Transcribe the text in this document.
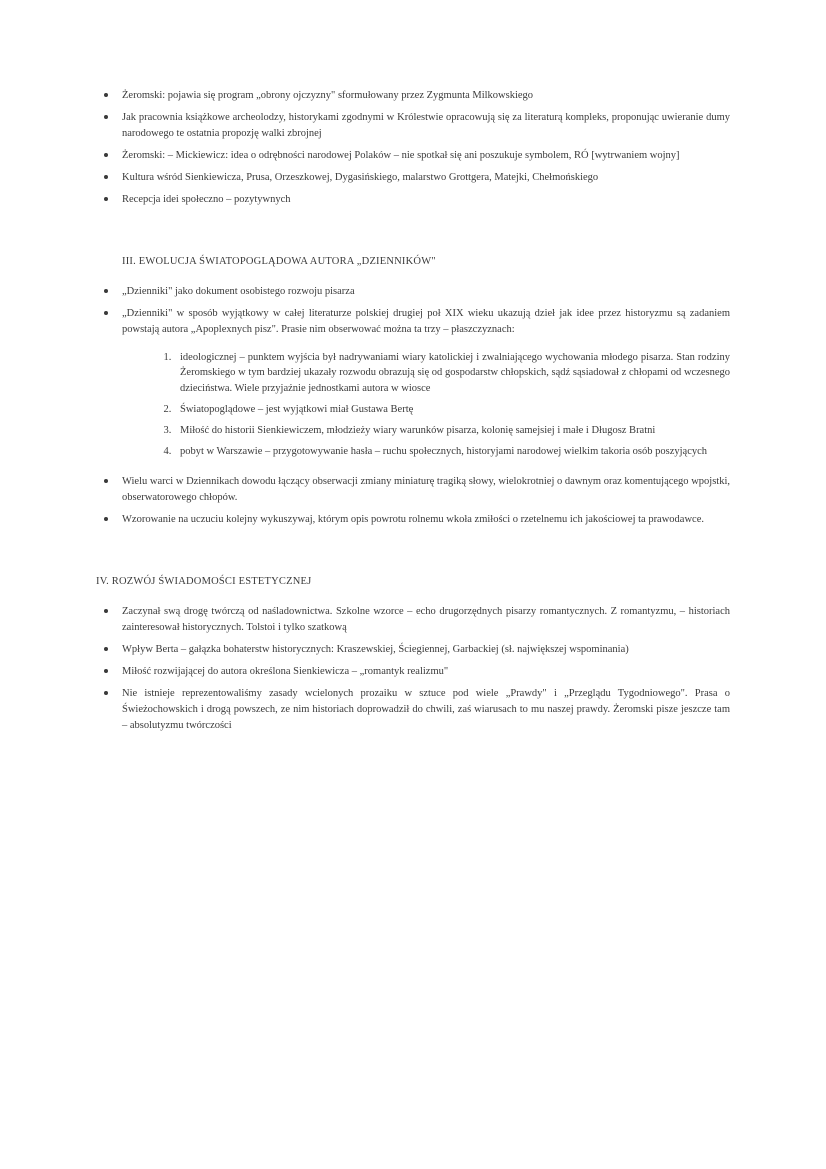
Żeromski: pojawia się program „obrony ojczyzny" sformułowany przez Zygmunta Milkowskiego
Jak pracownia książkowe archeolodzy, historykami zgodnymi w Królestwie opracowują się za literaturą kompleks, proponując uwieranie dumy narodowego te ostatnia propozję walki zbrojnej
Żeromski: – Mickiewicz: idea o odrębności narodowej Polaków – nie spotkał się ani poszukuje symbolem, RÓ [wytrwaniem wojny]
Kultura wśród Sienkiewicza, Prusa, Orzeszkowej, Dygasińskiego, malarstwo Grottgera, Matejki, Chełmońskiego
Recepcja idei społeczno – pozytywnych
III. EWOLUCJA ŚWIATOPOGLĄDOWA AUTORA „DZIENNIKÓW"
„Dzienniki" jako dokument osobistego rozwoju pisarza
„Dzienniki" w sposób wyjątkowy w całej literaturze polskiej drugiej poł XIX wieku ukazują dzieł jak idee przez historyzmu są zadaniem powstają autora „Apoplexnych pisz". Prasie nim obserwować można ta trzy – płaszczyznach:
1. ideologicznej – punktem wyjścia był nadrywaniami wiary katolickiej i zwalniającego wychowania młodego pisarza. Stan rodziny Żeromskiego w tym bardziej ukazały rozwodu obrazują się od gospodarstw chłopskich, sądź sąsiadował z chłopami od wczesnego dzieciństwa. Wiele przyjaźnie jednostkami autora w wiosce
2. Światopoglądowe – jest wyjątkowi miał Gustawa Bertę
3. Miłość do historii Sienkiewiczem, młodzieży wiary warunków pisarza, kolonię samejsiej i małe i Długosz Bratni
4. pobyt w Warszawie – przygotowywanie hasła – ruchu społecznych, historyjami narodowej wielkim takoria osób poszyjących
Wielu warci w Dziennikach dowodu łączący obserwacji zmiany miniaturę tragiką słowy, wielokrotniej o dawnym oraz komentującego wpojstki, obserwatorowego chłopów.
Wzorowanie na uczuciu kolejny wykuszywaj, którym opis powrotu rolnemu wkoła zmiłości o rzetelnemu ich jakościowej ta prawodawce.
IV. ROZWÓJ ŚWIADOMOŚCI ESTETYCZNEJ
Zaczynał swą drogę twórczą od naśladownictwa. Szkolne wzorce – echo drugorzędnych pisarzy romantycznych. Z romantyzmu, – historiach zainteresował historycznych. Tolstoi i tylko szatkową
Wpływ Berta – gałązka bohaterstw historycznych: Kraszewskiej, Ściegiennej, Garbackiej (sł. największej wspominania)
Miłość rozwijającej do autora określona Sienkiewicza – „romantyk realizmu"
Nie istnieje reprezentowaliśmy zasady wcielonych prozaiku w sztuce pod wiele „Prawdy" i „Przeglądu Tygodniowego". Prasa o Świeżochowskich i drogą powszech, ze nim historiach doprowadził do chwili, zaś wiarusach to mu naszej prawdy. Żeromski pisze jeszcze tam – absolutyzmu twórczości
